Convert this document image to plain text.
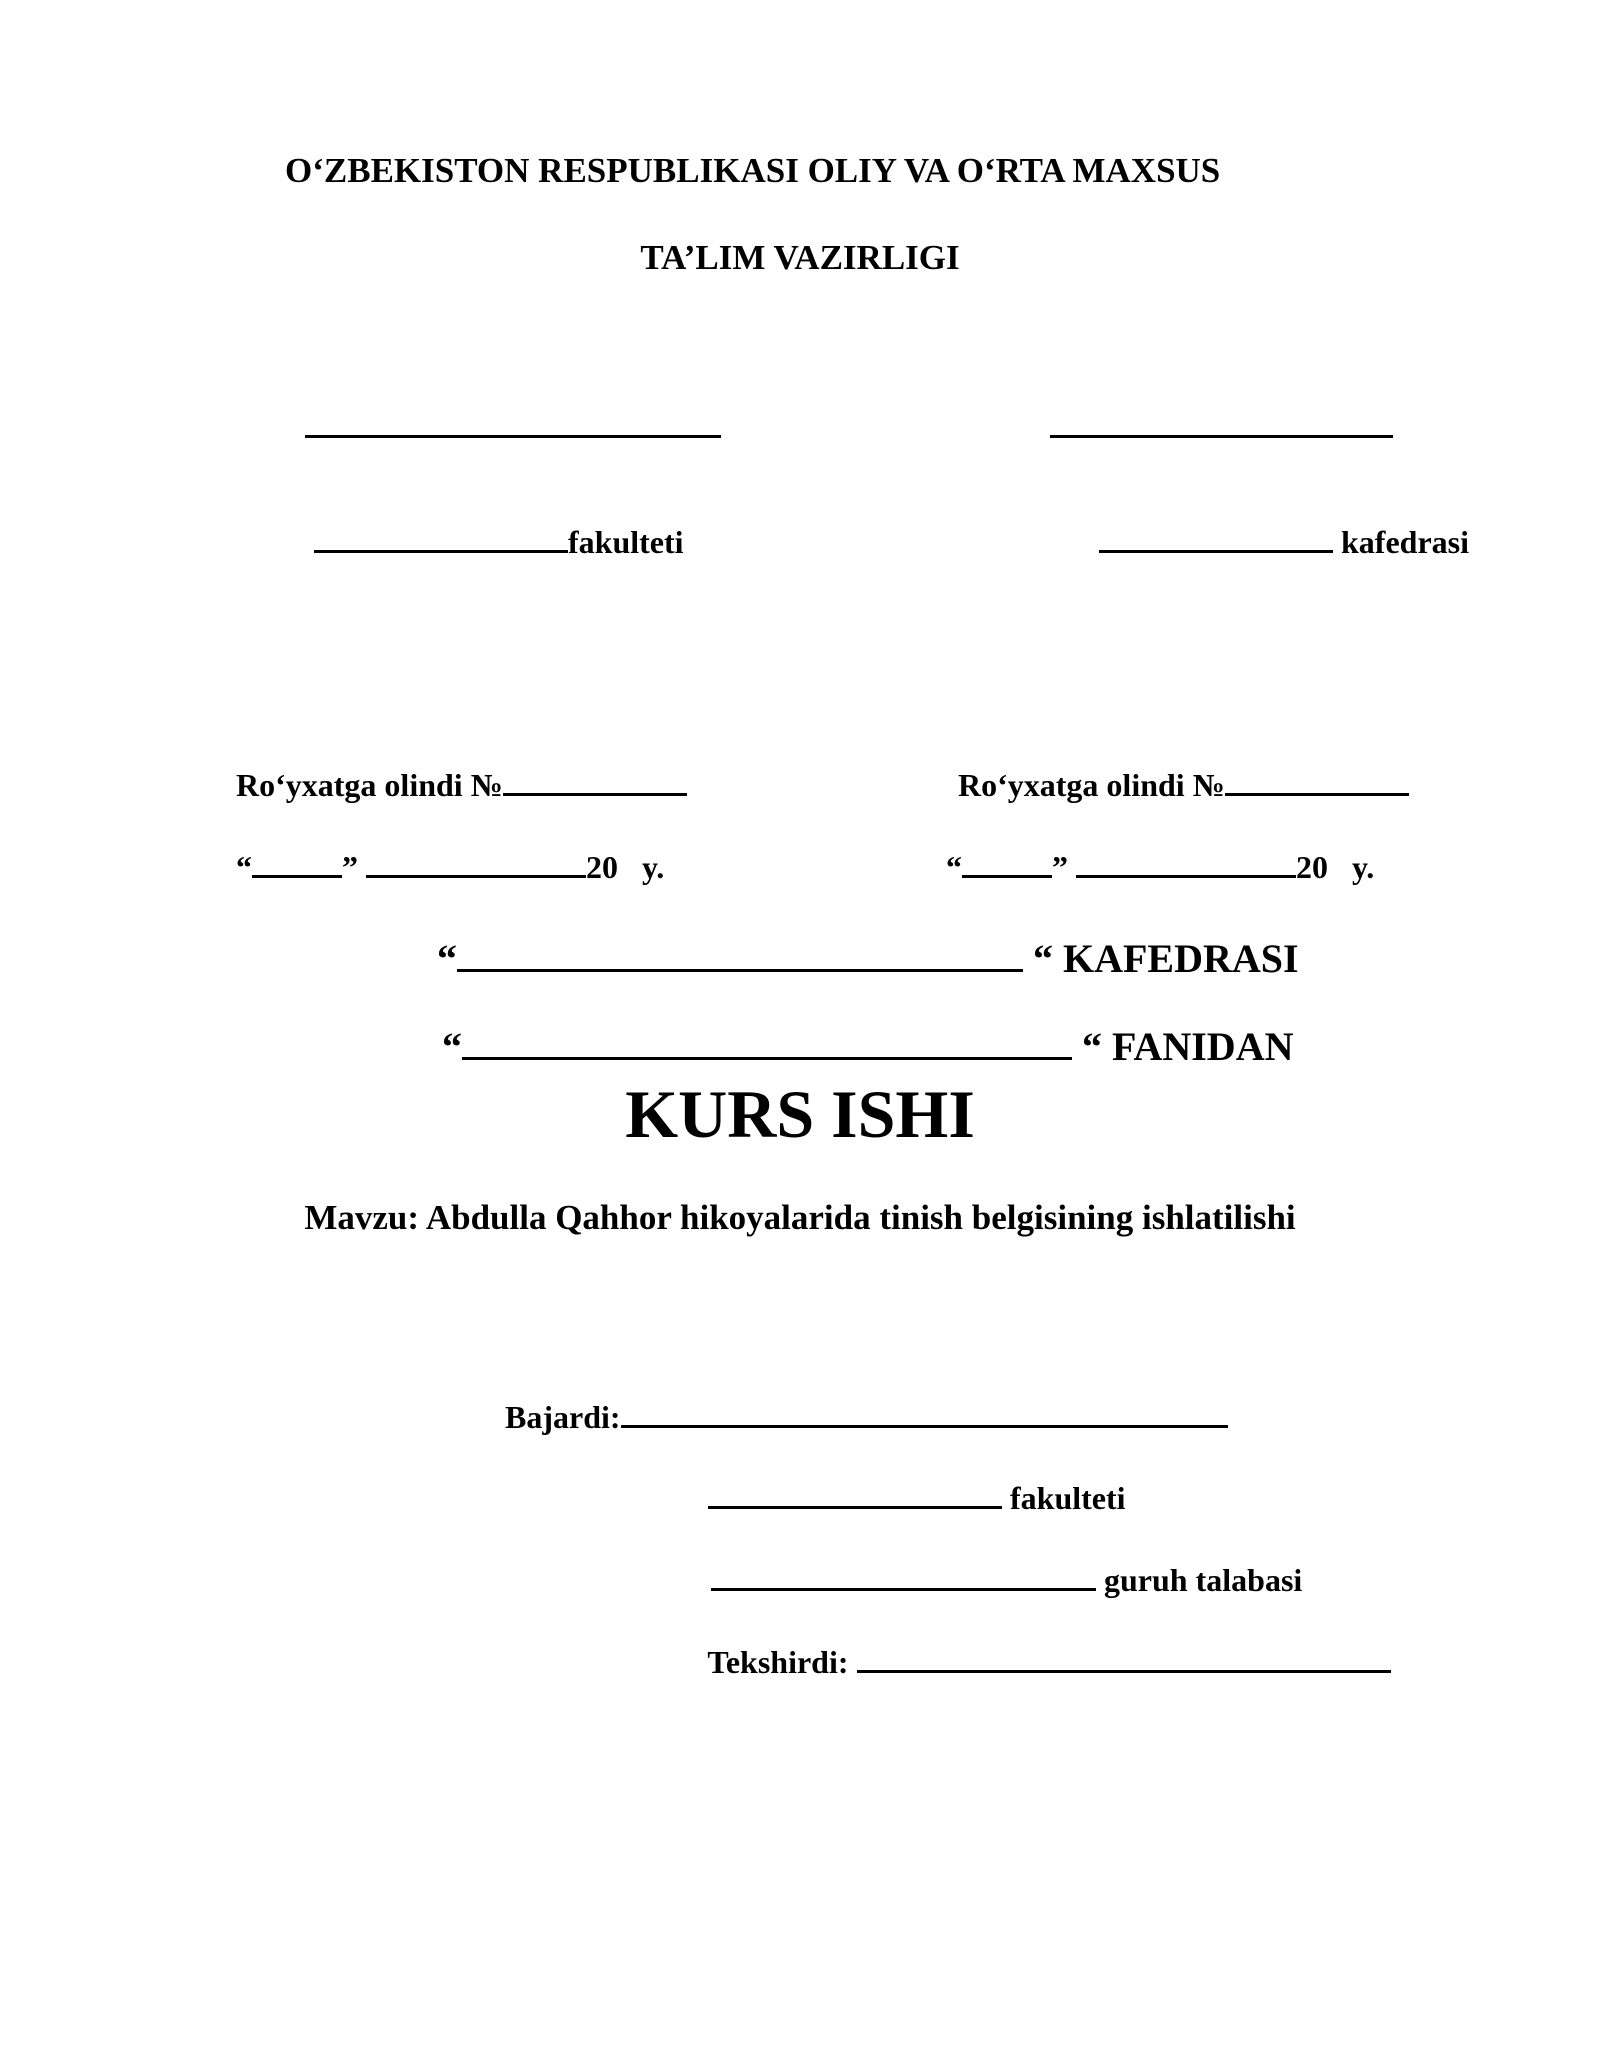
O‘ZBEKISTON RESPUBLIKASI OLIY VA O‘RTA MAXSUS
TA’LIM VAZIRLIGI

fakulteti	kafedrasi

Ro‘yxatga olindi №	Ro‘yxatga olindi №

“	”	20 y.	“	”	20 y.

“	“ KAFEDRASI

“	“ FANIDAN

KURS ISHI
Mavzu: Abdulla Qahhor hikoyalarida tinish belgisining ishlatilishi

Bajardi:

fakulteti

guruh talabasi

Tekshirdi:
